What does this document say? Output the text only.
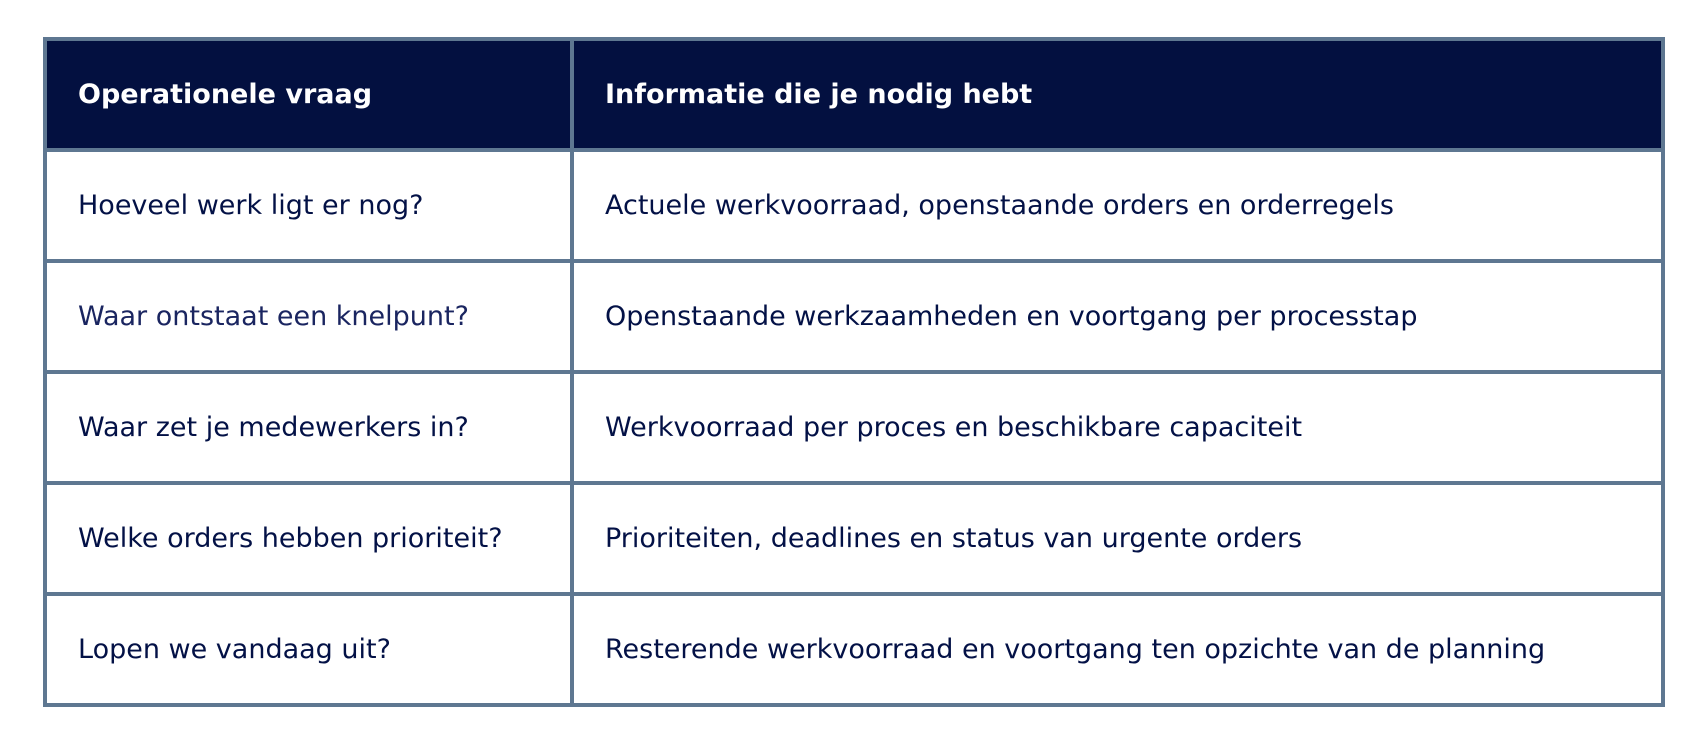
Operationele vraag	Informatie die je nodig hebt
Hoeveel werk ligt er nog?	Actuele werkvoorraad, openstaande orders en orderregels
Waar ontstaat een knelpunt?	Openstaande werkzaamheden en voortgang per processtap
Waar zet je medewerkers in?	Werkvoorraad per proces en beschikbare capaciteit
Welke orders hebben prioriteit?	Prioriteiten, deadlines en status van urgente orders
Lopen we vandaag uit?	Resterende werkvoorraad en voortgang ten opzichte van de planning
